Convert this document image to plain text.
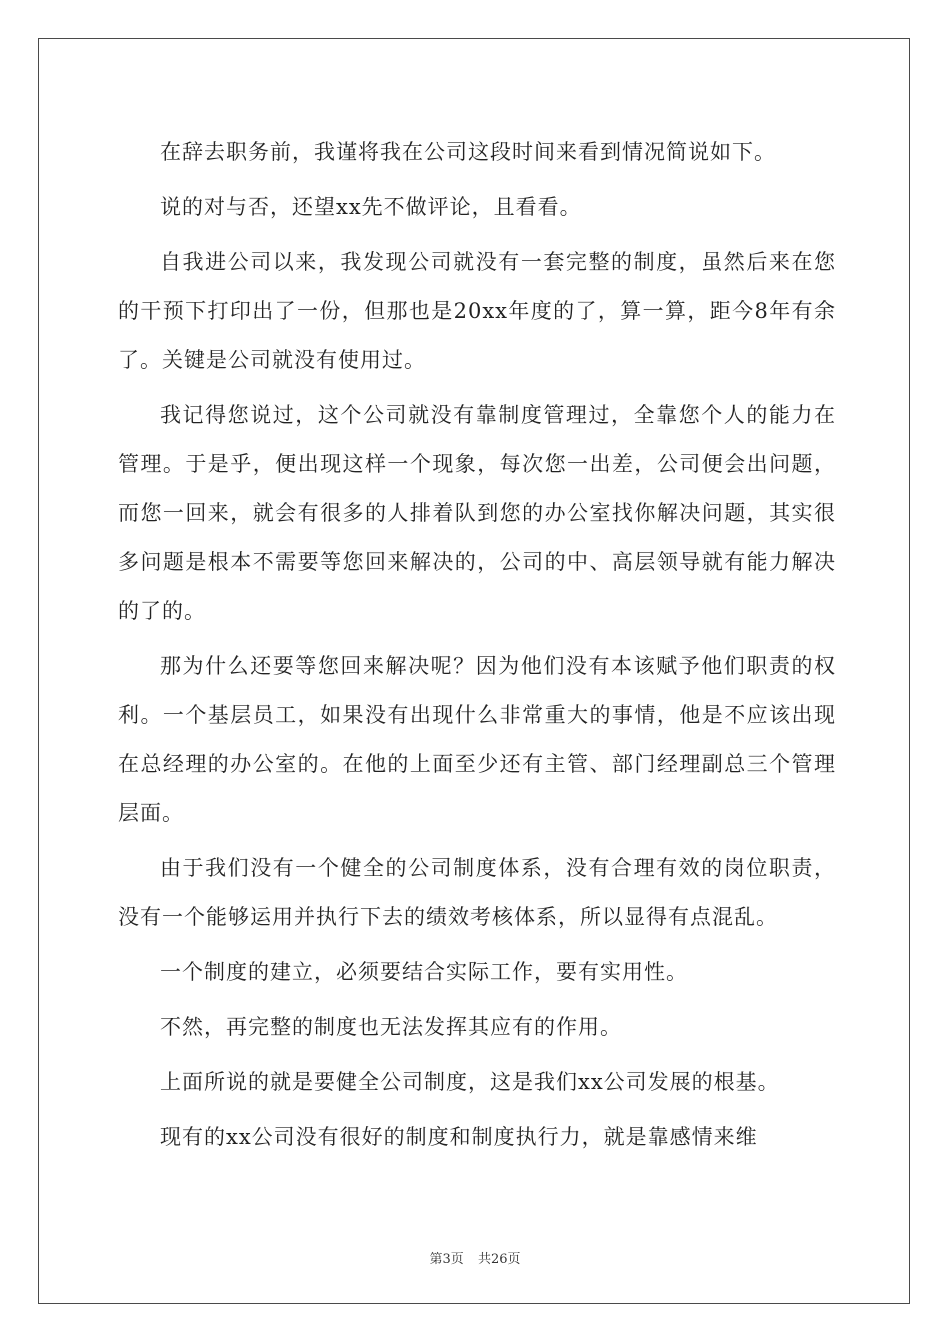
在辞去职务前，我谨将我在公司这段时间来看到情况简说如下。

说的对与否，还望xx先不做评论，且看看。

自我进公司以来，我发现公司就没有一套完整的制度，虽然后来在您的干预下打印出了一份，但那也是20xx年度的了，算一算，距今8年有余了。关键是公司就没有使用过。

我记得您说过，这个公司就没有靠制度管理过，全靠您个人的能力在管理。于是乎，便出现这样一个现象，每次您一出差，公司便会出问题，而您一回来，就会有很多的人排着队到您的办公室找你解决问题，其实很多问题是根本不需要等您回来解决的，公司的中、高层领导就有能力解决的了的。

那为什么还要等您回来解决呢？因为他们没有本该赋予他们职责的权利。一个基层员工，如果没有出现什么非常重大的事情，他是不应该出现在总经理的办公室的。在他的上面至少还有主管、部门经理副总三个管理层面。

由于我们没有一个健全的公司制度体系，没有合理有效的岗位职责，没有一个能够运用并执行下去的绩效考核体系，所以显得有点混乱。

一个制度的建立，必须要结合实际工作，要有实用性。

不然，再完整的制度也无法发挥其应有的作用。

上面所说的就是要健全公司制度，这是我们xx公司发展的根基。

现有的xx公司没有很好的制度和制度执行力，就是靠感情来维

第3页 共26页
